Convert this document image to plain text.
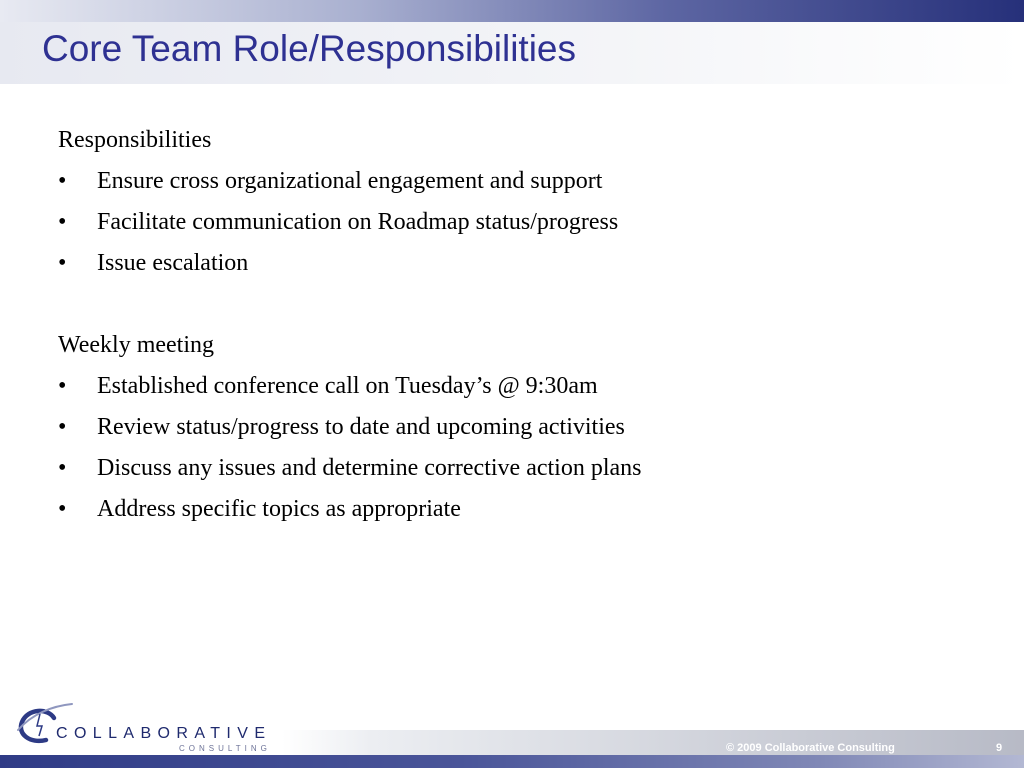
Core Team Role/Responsibilities
Responsibilities
• Ensure cross organizational engagement and support
• Facilitate communication on Roadmap status/progress
• Issue escalation
Weekly meeting
• Established conference call on Tuesday’s @ 9:30am
• Review status/progress to date and upcoming activities
• Discuss any issues and determine corrective action plans
• Address specific topics as appropriate
© 2009 Collaborative Consulting	9
COLLABORATIVE
CONSULTING
